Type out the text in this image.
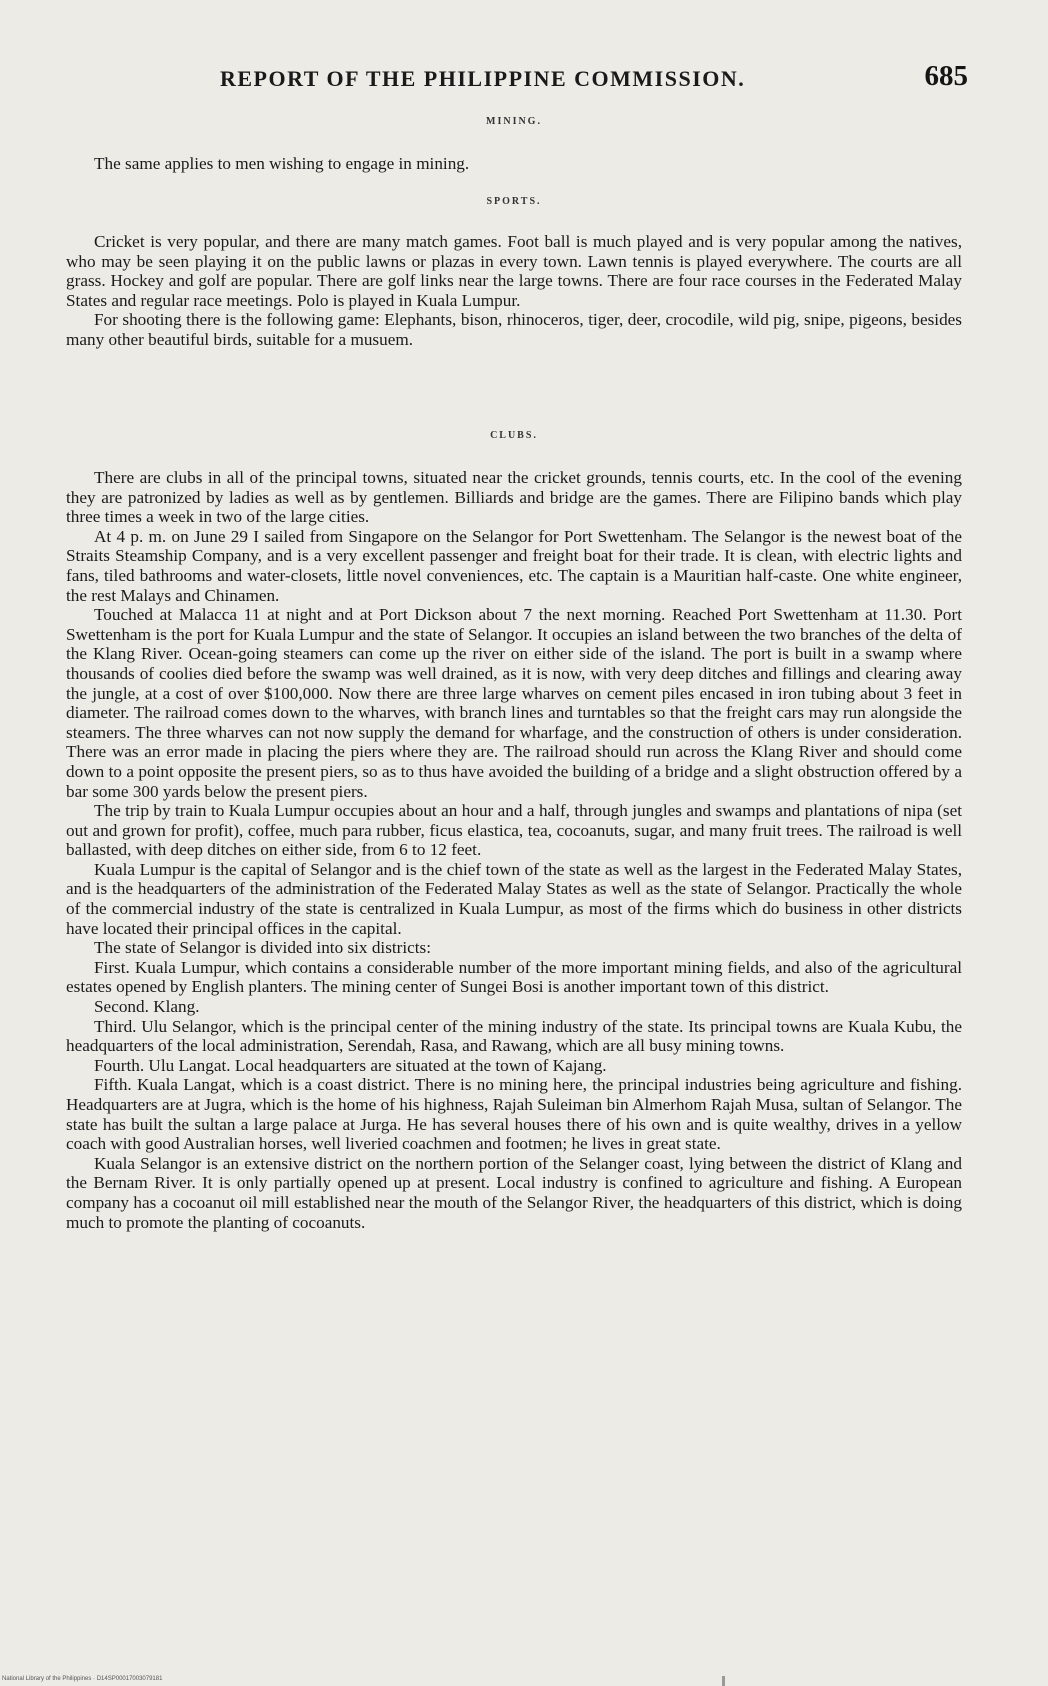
REPORT OF THE PHILIPPINE COMMISSION.	685
MINING.

The same applies to men wishing to engage in mining.

SPORTS.

Cricket is very popular, and there are many match games. Foot ball is much played and is very popular among the natives, who may be seen playing it on the public lawns or plazas in every town. Lawn tennis is played everywhere. The courts are all grass. Hockey and golf are popular. There are golf links near the large towns. There are four race courses in the Federated Malay States and regular race meetings. Polo is played in Kuala Lumpur.

For shooting there is the following game: Elephants, bison, rhinoceros, tiger, deer, crocodile, wild pig, snipe, pigeons, besides many other beautiful birds, suitable for a musuem.

CLUBS.

There are clubs in all of the principal towns, situated near the cricket grounds, tennis courts, etc. In the cool of the evening they are patronized by ladies as well as by gentlemen. Billiards and bridge are the games. There are Filipino bands which play three times a week in two of the large cities.

At 4 p. m. on June 29 I sailed from Singapore on the Selangor for Port Swettenham. The Selangor is the newest boat of the Straits Steamship Company, and is a very excellent passenger and freight boat for their trade. It is clean, with electric lights and fans, tiled bathrooms and water-closets, little novel conveniences, etc. The captain is a Mauritian half-caste. One white engineer, the rest Malays and Chinamen.

Touched at Malacca 11 at night and at Port Dickson about 7 the next morning. Reached Port Swettenham at 11.30. Port Swettenham is the port for Kuala Lumpur and the state of Selangor. It occupies an island between the two branches of the delta of the Klang River. Ocean-going steamers can come up the river on either side of the island. The port is built in a swamp where thousands of coolies died before the swamp was well drained, as it is now, with very deep ditches and fillings and clearing away the jungle, at a cost of over $100,000. Now there are three large wharves on cement piles encased in iron tubing about 3 feet in diameter. The railroad comes down to the wharves, with branch lines and turntables so that the freight cars may run alongside the steamers. The three wharves can not now supply the demand for wharfage, and the construction of others is under consideration. There was an error made in placing the piers where they are. The railroad should run across the Klang River and should come down to a point opposite the present piers, so as to thus have avoided the building of a bridge and a slight obstruction offered by a bar some 300 yards below the present piers.

The trip by train to Kuala Lumpur occupies about an hour and a half, through jungles and swamps and plantations of nipa (set out and grown for profit), coffee, much para rubber, ficus elastica, tea, cocoanuts, sugar, and many fruit trees. The railroad is well ballasted, with deep ditches on either side, from 6 to 12 feet.

Kuala Lumpur is the capital of Selangor and is the chief town of the state as well as the largest in the Federated Malay States, and is the headquarters of the administration of the Federated Malay States as well as the state of Selangor. Practically the whole of the commercial industry of the state is centralized in Kuala Lumpur, as most of the firms which do business in other districts have located their principal offices in the capital.

The state of Selangor is divided into six districts:

First. Kuala Lumpur, which contains a considerable number of the more important mining fields, and also of the agricultural estates opened by English planters. The mining center of Sungei Bosi is another important town of this district.

Second. Klang.

Third. Ulu Selangor, which is the principal center of the mining industry of the state. Its principal towns are Kuala Kubu, the headquarters of the local administration, Serendah, Rasa, and Rawang, which are all busy mining towns.

Fourth. Ulu Langat. Local headquarters are situated at the town of Kajang.

Fifth. Kuala Langat, which is a coast district. There is no mining here, the principal industries being agriculture and fishing. Headquarters are at Jugra, which is the home of his highness, Rajah Suleiman bin Almerhom Rajah Musa, sultan of Selangor. The state has built the sultan a large palace at Jurga. He has several houses there of his own and is quite wealthy, drives in a yellow coach with good Australian horses, well liveried coachmen and footmen; he lives in great state.

Kuala Selangor is an extensive district on the northern portion of the Selanger coast, lying between the district of Klang and the Bernam River. It is only partially opened up at present. Local industry is confined to agriculture and fishing. A European company has a cocoanut oil mill established near the mouth of the Selangor River, the headquarters of this district, which is doing much to promote the planting of cocoanuts.

National Library of the Philippines · D14SP00017003079181
